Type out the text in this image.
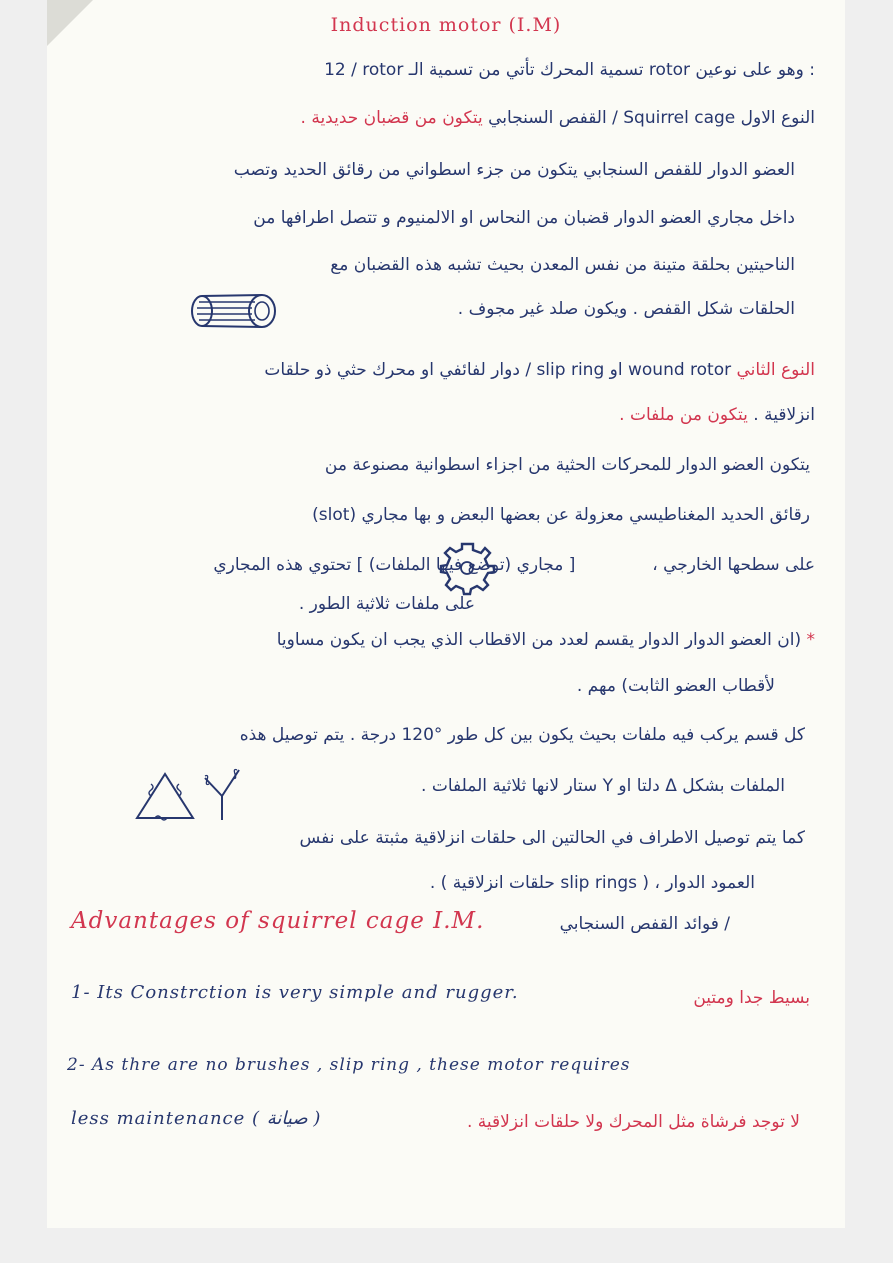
Induction motor (I.M)
12 / rotor تسمية المحرك تأتي من تسمية الـ rotor وهو على نوعين :
النوع الاول Squirrel cage / القفص السنجابي يتكون من قضبان حديدية .
العضو الدوار للقفص السنجابي يتكون من جزء اسطواني من رقائق الحديد وتصب
داخل مجاري العضو الدوار قضبان من النحاس او الالمنيوم و تتصل اطرافها من
الناحيتين بحلقة متينة من نفس المعدن بحيث تشبه هذه القضبان مع
الحلقات شكل القفص . ويكون صلد غير مجوف .
النوع الثاني wound rotor او slip ring / دوار لفائفي او محرك حثي ذو حلقات
انزلاقية . يتكون من ملفات .
يتكون العضو الدوار للمحركات الحثية من اجزاء اسطوانية مصنوعة من
رقائق الحديد المغناطيسي معزولة عن بعضها البعض و بها مجاري (slot)
على سطحها الخارجي ،  [ مجاري (توضع فيها الملفات) ] تحتوي هذه المجاري
على ملفات ثلاثية الطور .
* (ان العضو الدوار الدوار يقسم لعدد من الاقطاب الذي يجب ان يكون مساويا
لأقطاب العضو الثابت) مهم .
كل قسم يركب فيه ملفات بحيث يكون بين كل طور °120 درجة . يتم توصيل هذه
الملفات بشكل Δ دلتا او Y ستار لانها ثلاثية الملفات .
كما يتم توصيل الاطراف في الحالتين الى حلقات انزلاقية مثبتة على نفس
العمود الدوار ، ( slip rings حلقات انزلاقية ) .
Advantages of squirrel cage I.M.	/ فوائد القفص السنجابي
1- Its Constrction is very simple and rugger.	بسيط جدا ومتين
2- As thre are no brushes , slip ring , these motor requires
less maintenance ( صيانة )	لا توجد فرشاة مثل المحرك ولا حلقات انزلاقية .
